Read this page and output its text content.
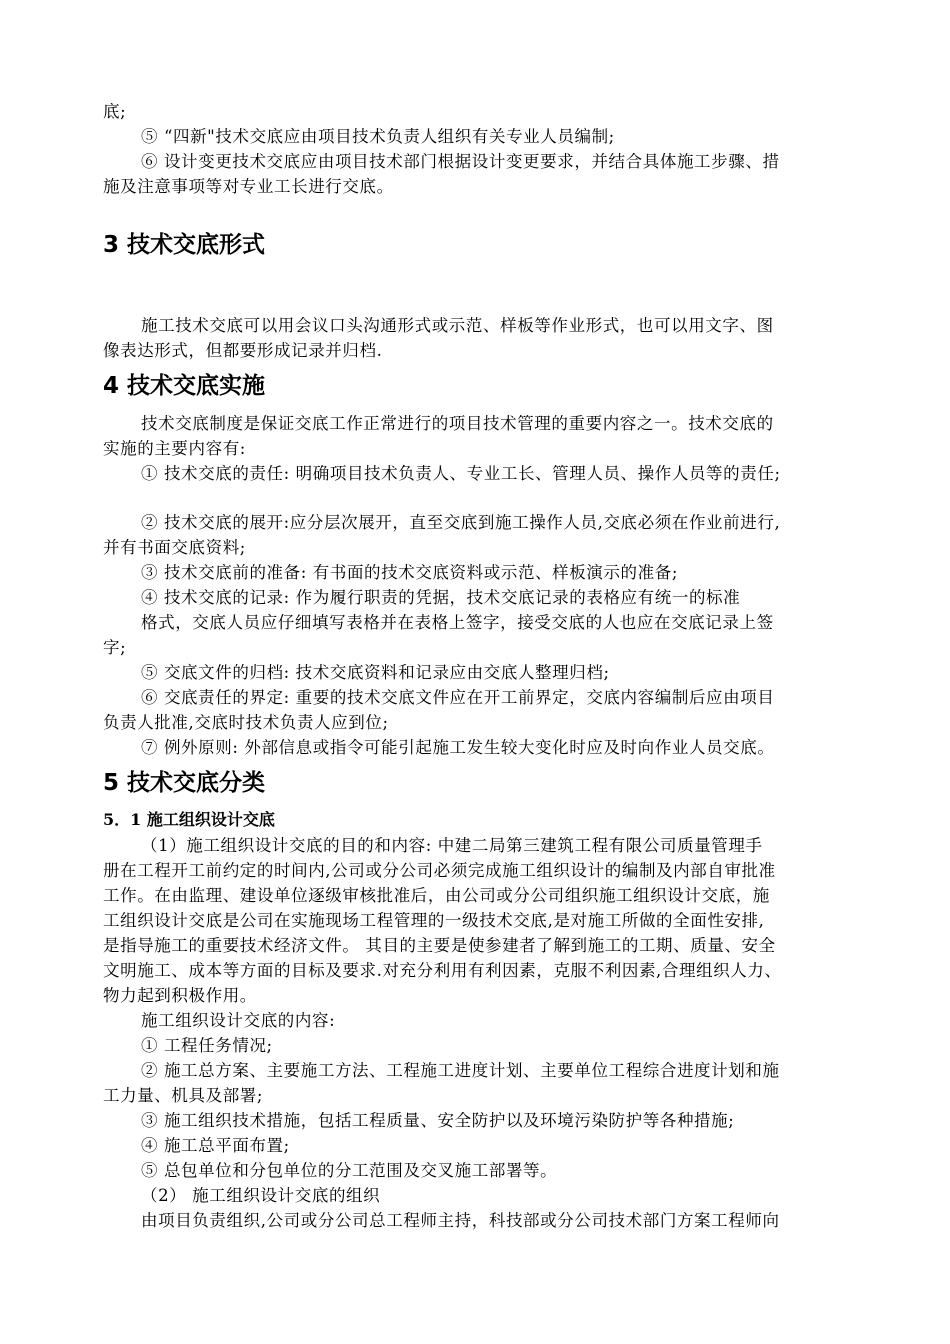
底;
⑤ “四新"技术交底应由项目技术负责人组织有关专业人员编制;
⑥ 设计变更技术交底应由项目技术部门根据设计变更要求，并结合具体施工步骤、措
施及注意事项等对专业工长进行交底。
3 技术交底形式
施工技术交底可以用会议口头沟通形式或示范、样板等作业形式，也可以用文字、图
像表达形式，但都要形成记录并归档.
4 技术交底实施
技术交底制度是保证交底工作正常进行的项目技术管理的重要内容之一。技术交底的
实施的主要内容有:
① 技术交底的责任: 明确项目技术负责人、专业工长、管理人员、操作人员等的责任;
② 技术交底的展开:应分层次展开，直至交底到施工操作人员,交底必须在作业前进行,
并有书面交底资料;
③ 技术交底前的准备: 有书面的技术交底资料或示范、样板演示的准备;
④ 技术交底的记录: 作为履行职责的凭据，技术交底记录的表格应有统一的标准
格式，交底人员应仔细填写表格并在表格上签字，接受交底的人也应在交底记录上签
字;
⑤ 交底文件的归档: 技术交底资料和记录应由交底人整理归档;
⑥ 交底责任的界定: 重要的技术交底文件应在开工前界定，交底内容编制后应由项目
负责人批准,交底时技术负责人应到位;
⑦ 例外原则: 外部信息或指令可能引起施工发生较大变化时应及时向作业人员交底。
5 技术交底分类
5．1 施工组织设计交底
（1）施工组织设计交底的目的和内容: 中建二局第三建筑工程有限公司质量管理手
册在工程开工前约定的时间内,公司或分公司必须完成施工组织设计的编制及内部自审批准
工作。在由监理、建设单位逐级审核批准后，由公司或分公司组织施工组织设计交底，施
工组织设计交底是公司在实施现场工程管理的一级技术交底,是对施工所做的全面性安排,
是指导施工的重要技术经济文件。 其目的主要是使参建者了解到施工的工期、质量、安全
文明施工、成本等方面的目标及要求.对充分利用有利因素，克服不利因素,合理组织人力、
物力起到积极作用。
施工组织设计交底的内容:
① 工程任务情况;
② 施工总方案、主要施工方法、工程施工进度计划、主要单位工程综合进度计划和施
工力量、机具及部署;
③ 施工组织技术措施，包括工程质量、安全防护以及环境污染防护等各种措施;
④ 施工总平面布置;
⑤ 总包单位和分包单位的分工范围及交叉施工部署等。
（2） 施工组织设计交底的组织
由项目负责组织,公司或分公司总工程师主持，科技部或分公司技术部门方案工程师向
